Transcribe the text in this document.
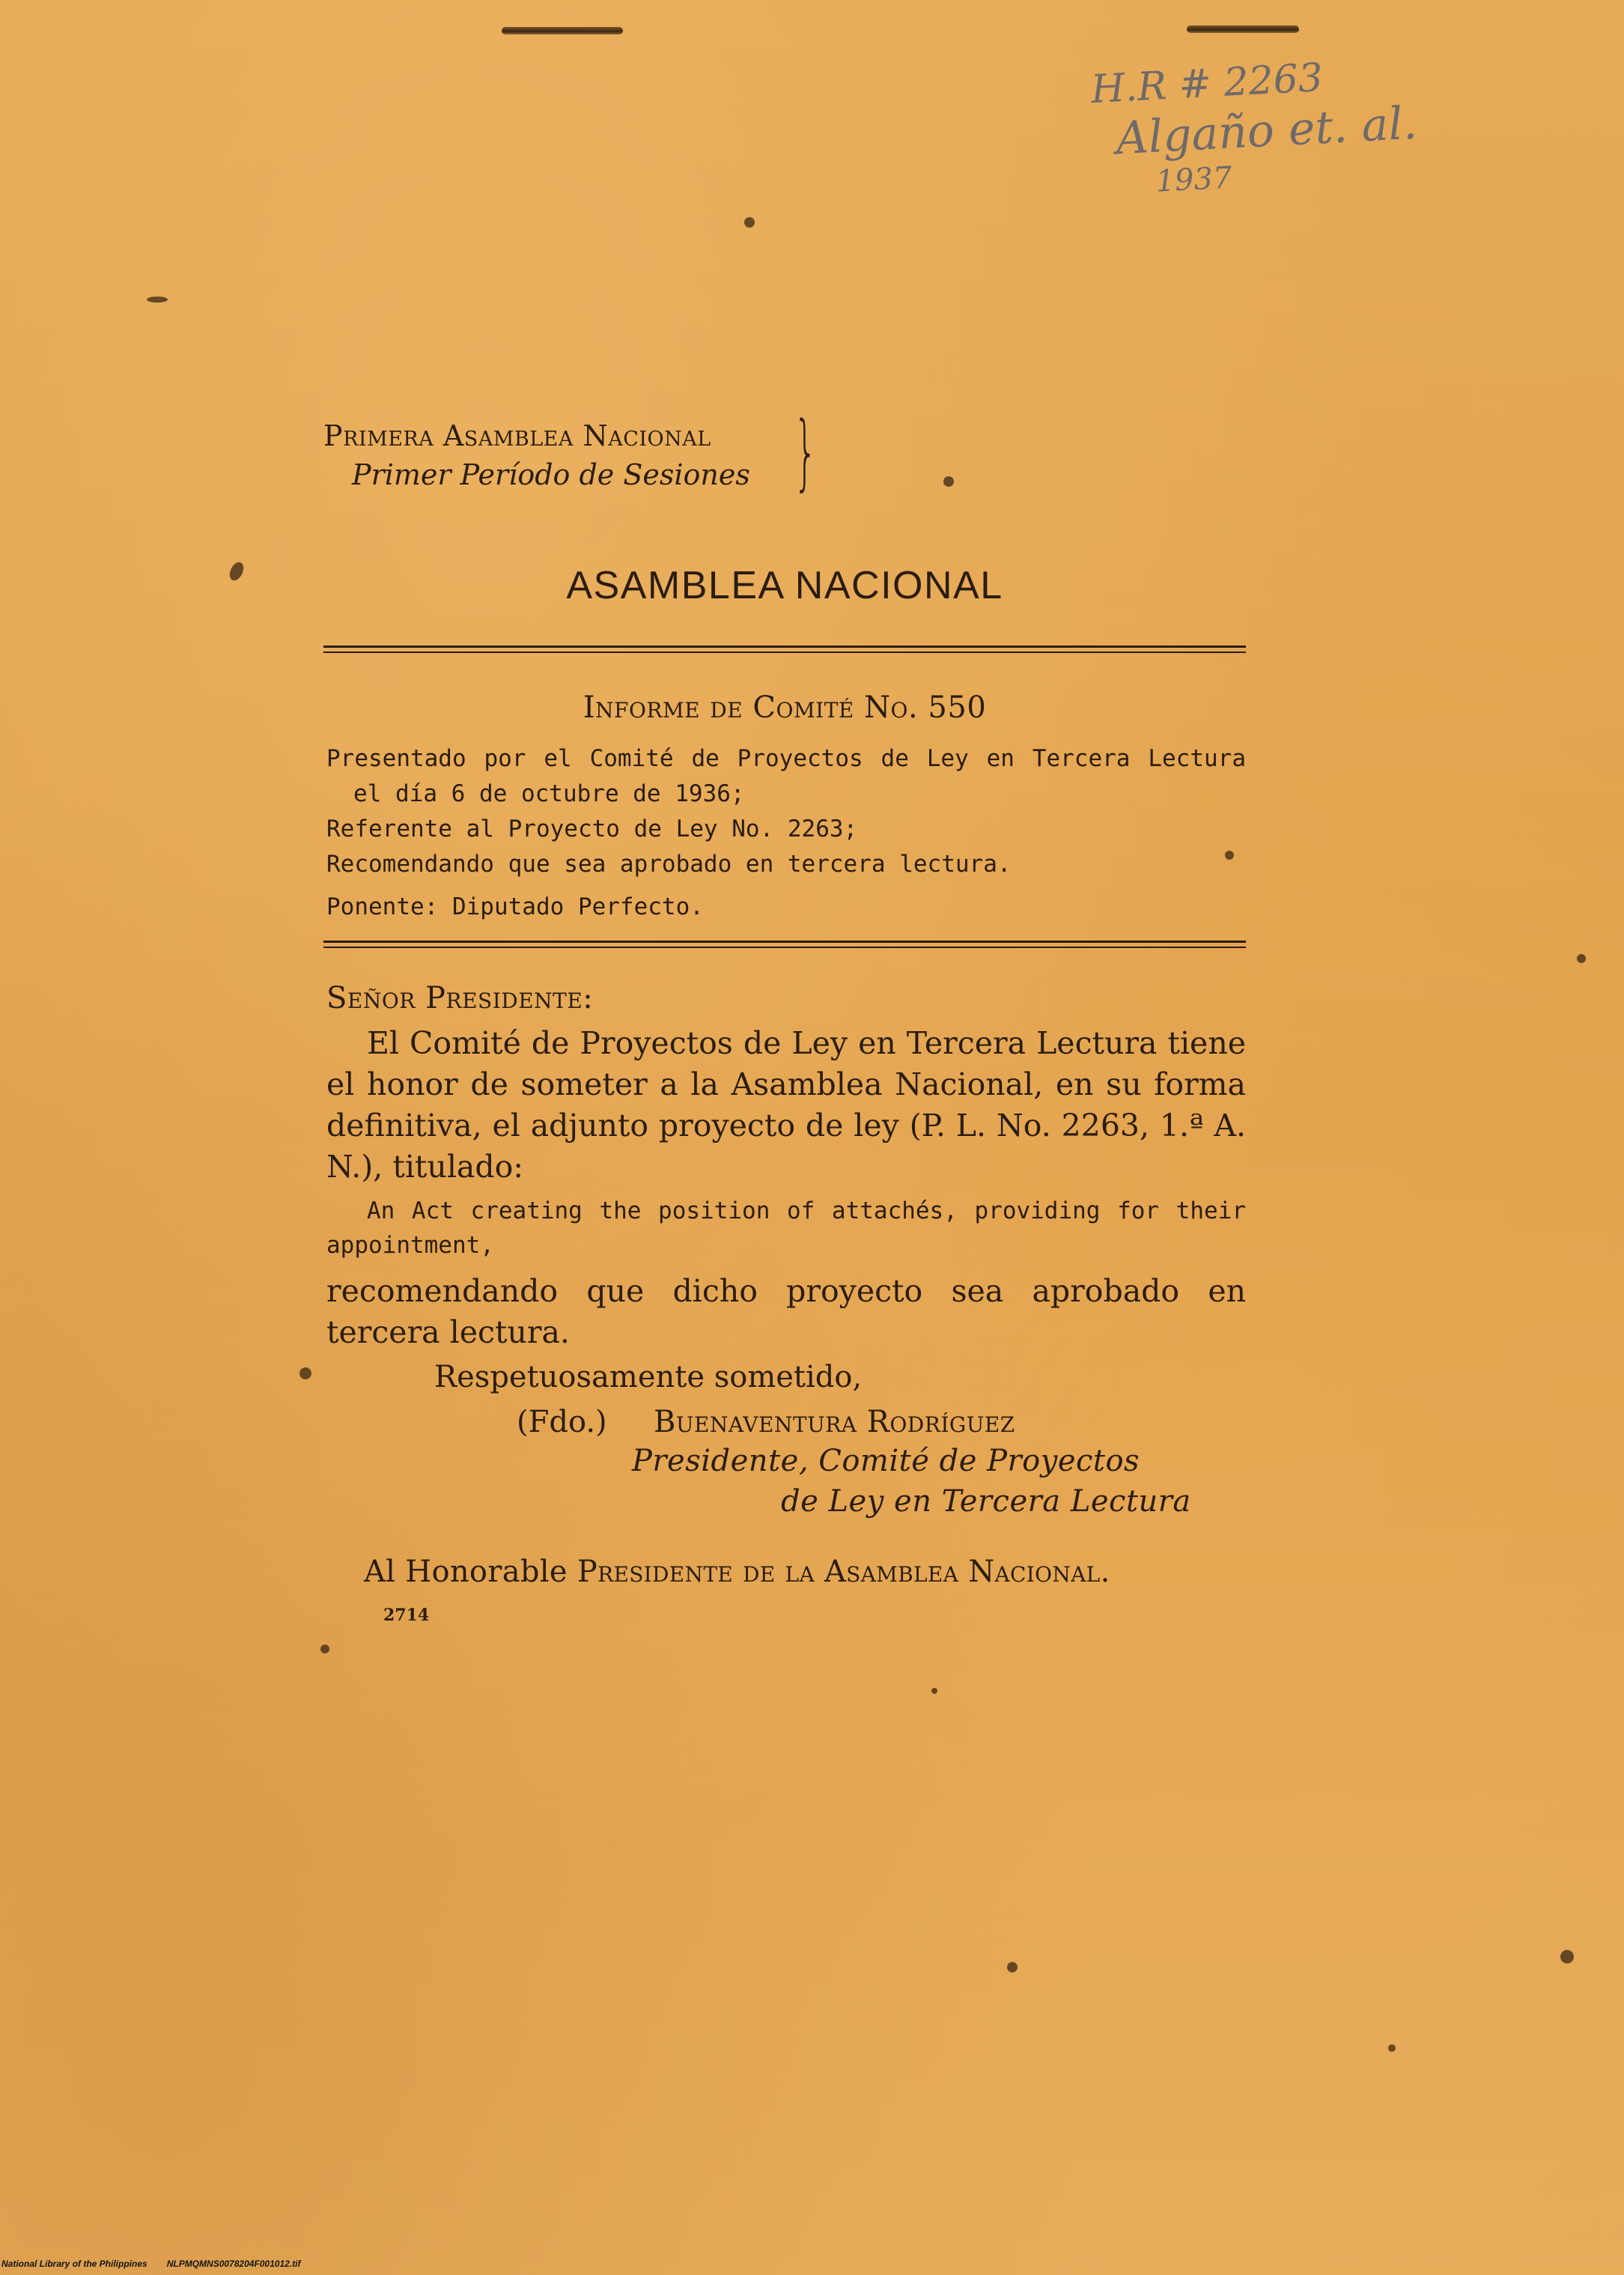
H.R # 2263
Algaño et. al.
1937
Primera Asamblea Nacional
Primer Período de Sesiones }
ASAMBLEA NACIONAL
Informe de Comité No. 550
Presentado por el Comité de Proyectos de Ley en Tercera Lectura
el día 6 de octubre de 1936;
Referente al Proyecto de Ley No. 2263;
Recomendando que sea aprobado en tercera lectura.
Ponente: Diputado Perfecto.
Señor Presidente:
El Comité de Proyectos de Ley en Tercera Lectura tiene el honor de someter a la Asamblea Nacional, en su forma definitiva, el adjunto proyecto de ley (P. L. No. 2263, 1.ª A. N.), titulado:
An Act creating the position of attachés, providing for their appointment,
recomendando que dicho proyecto sea aprobado en tercera lectura.
Respetuosamente sometido,
(Fdo.) Buenaventura Rodríguez
Presidente, Comité de Proyectos
de Ley en Tercera Lectura
Al Honorable Presidente de la Asamblea Nacional.
2714
National Library of the Philippines NLPMQMNS0078204F001012.tif
